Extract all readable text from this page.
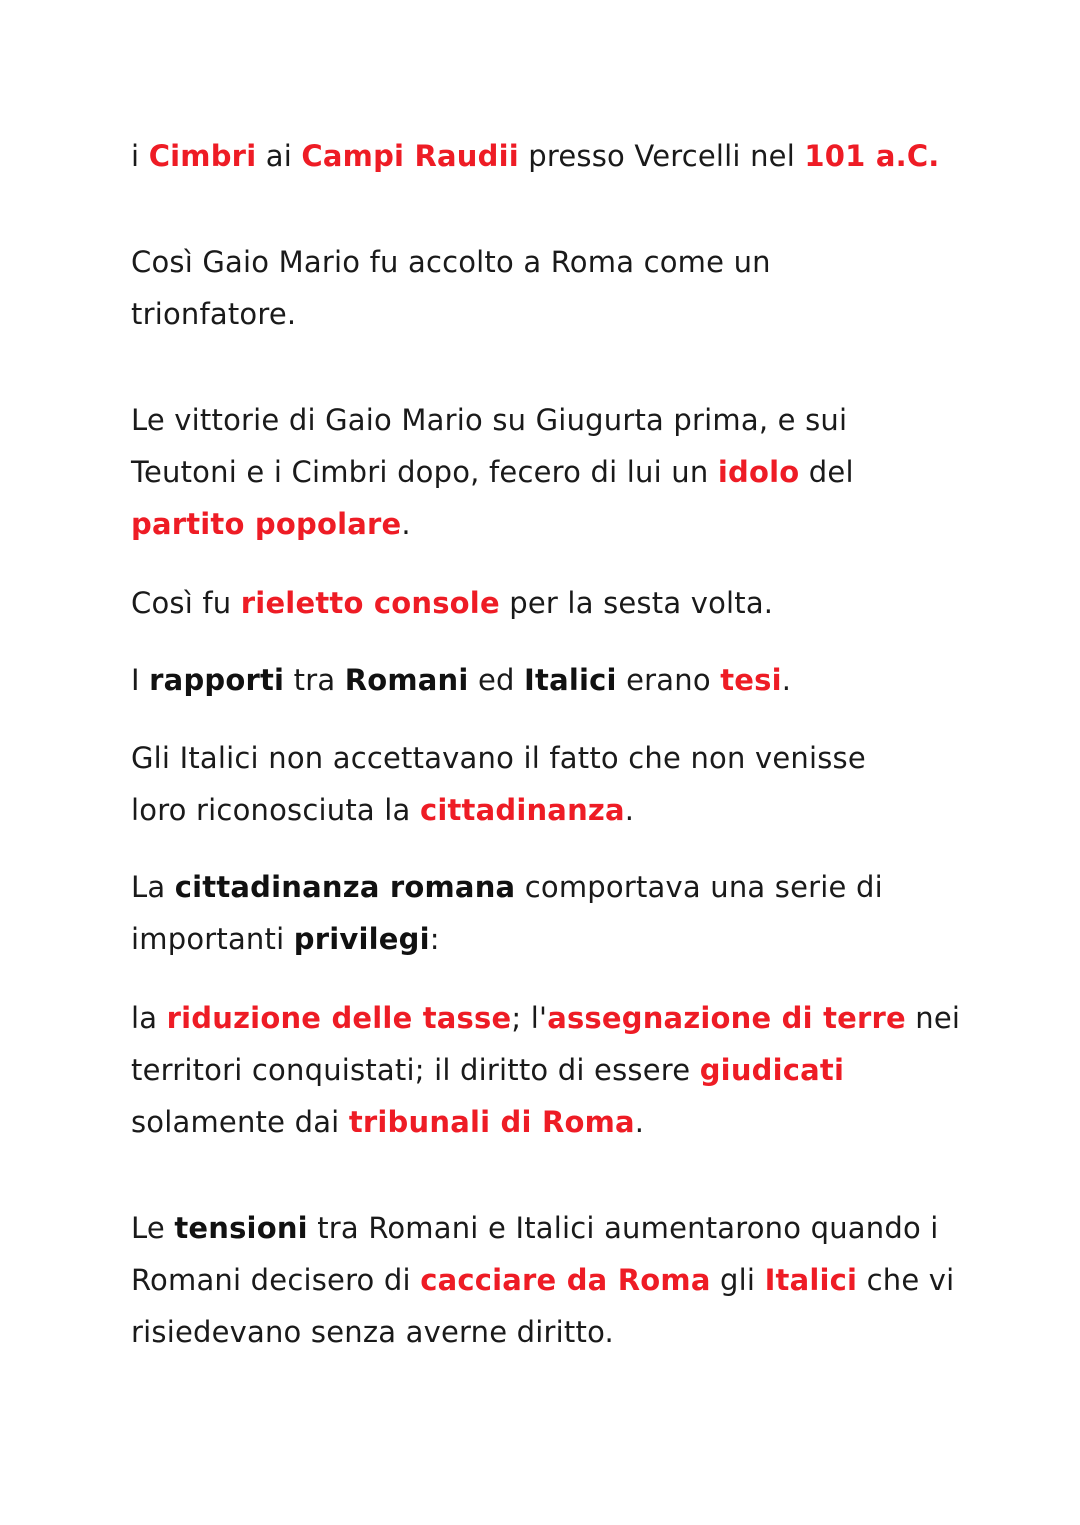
i Cimbri ai Campi Raudii presso Vercelli nel 101 a.C.

Così Gaio Mario fu accolto a Roma come un trionfatore.

Le vittorie di Gaio Mario su Giugurta prima, e sui Teutoni e i Cimbri dopo, fecero di lui un idolo del partito popolare.

Così fu rieletto console per la sesta volta.

I rapporti tra Romani ed Italici erano tesi.

Gli Italici non accettavano il fatto che non venisse loro riconosciuta la cittadinanza.

La cittadinanza romana comportava una serie di importanti privilegi:

la riduzione delle tasse; l'assegnazione di terre nei territori conquistati; il diritto di essere giudicati solamente dai tribunali di Roma.

Le tensioni tra Romani e Italici aumentarono quando i Romani decisero di cacciare da Roma gli Italici che vi risiedevano senza averne diritto.
